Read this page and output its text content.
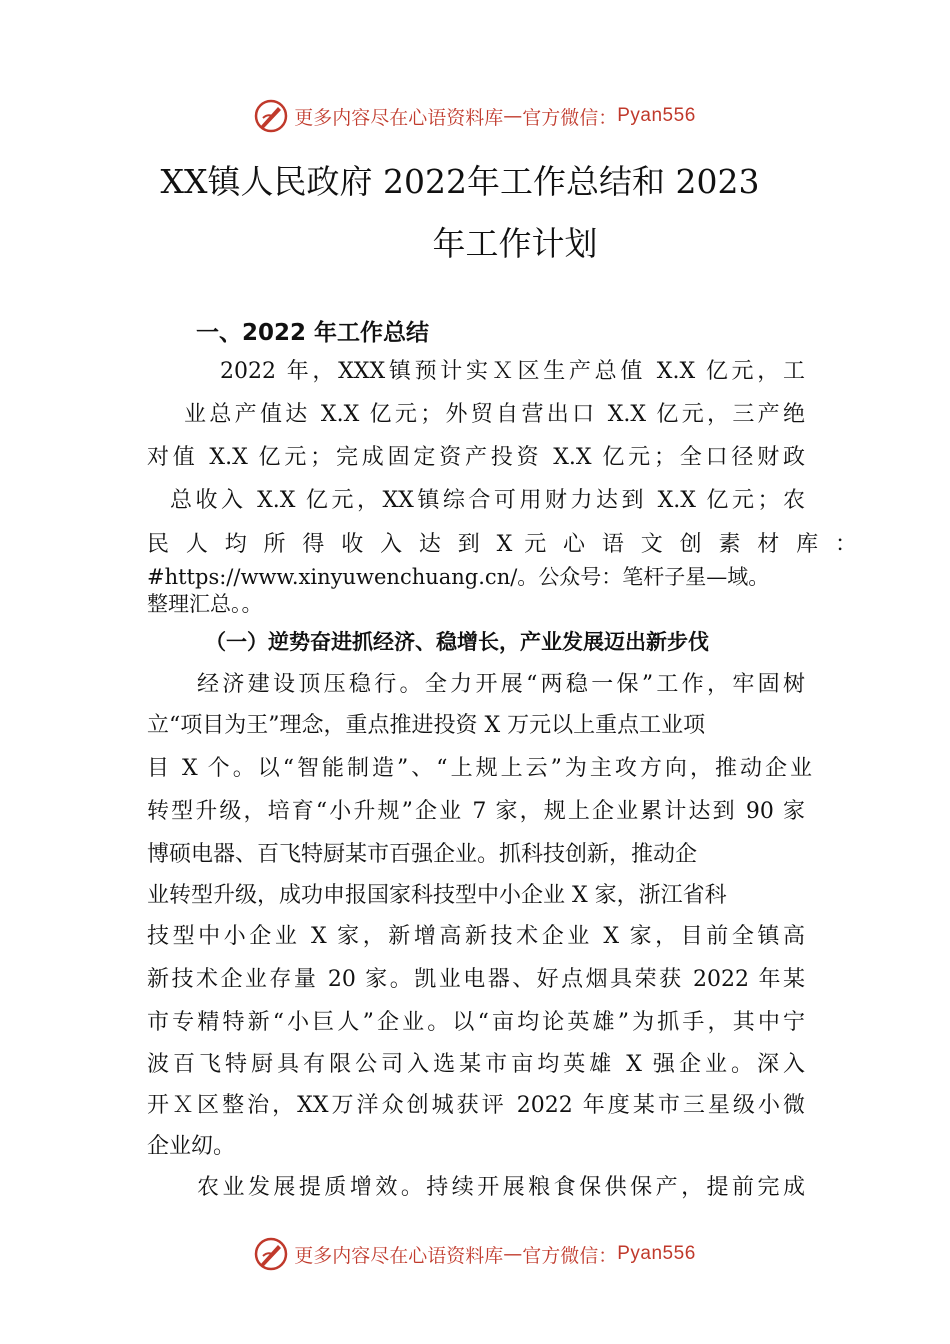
更多内容尽在心语资料库 — 官方微信： Pyan556
XX镇人民政府 2022年工作总结和 2023
年工作计划
一、2022 年工作总结
2022 年，XXX镇预计实Ｘ区生产总值 X.X 亿元，工
业总产值达 X.X 亿元；外贸自营出口 X.X 亿元，三产绝
对值 X.X 亿元；完成固定资产投资 X.X 亿元；全口径财政
总收入 X.X 亿元，XX镇综合可用财力达到 X.X 亿元；农
民 人 均 所 得 收 入 达 到 X 元 心 语 文 创 素 材 库 ：
#https://www.xinyuwenchuang.cn/。公众号：笔杆子星—域。
整理汇总。。
（一）逆势奋进抓经济、稳增长，产业发展迈出新步伐
经济建设顶压稳行。全力开展“两稳一保”工作，牢固树
立“项目为王”理念，重点推进投资 X 万元以上重点工业项
目 X 个。以“智能制造”、“上规上云”为主攻方向，推动企业
转型升级，培育“小升规”企业 7 家，规上企业累计达到 90 家
博硕电器、百飞特厨某市百强企业。抓科技创新，推动企
业转型升级，成功申报国家科技型中小企业 X 家，浙江省科
技型中小企业 X 家，新增高新技术企业 X 家，目前全镇高
新技术企业存量 20 家。凯业电器、好点烟具荣获 2022 年某
市专精特新“小巨人”企业。以“亩均论英雄”为抓手，其中宁
波百飞特厨具有限公司入选某市亩均英雄 X 强企业。深入
开Ｘ区整治，XX万洋众创城获评 2022 年度某市三星级小微
企业㓜。
农业发展提质增效。持续开展粮食保供保产，提前完成
更多内容尽在心语资料库 — 官方微信： Pyan556
